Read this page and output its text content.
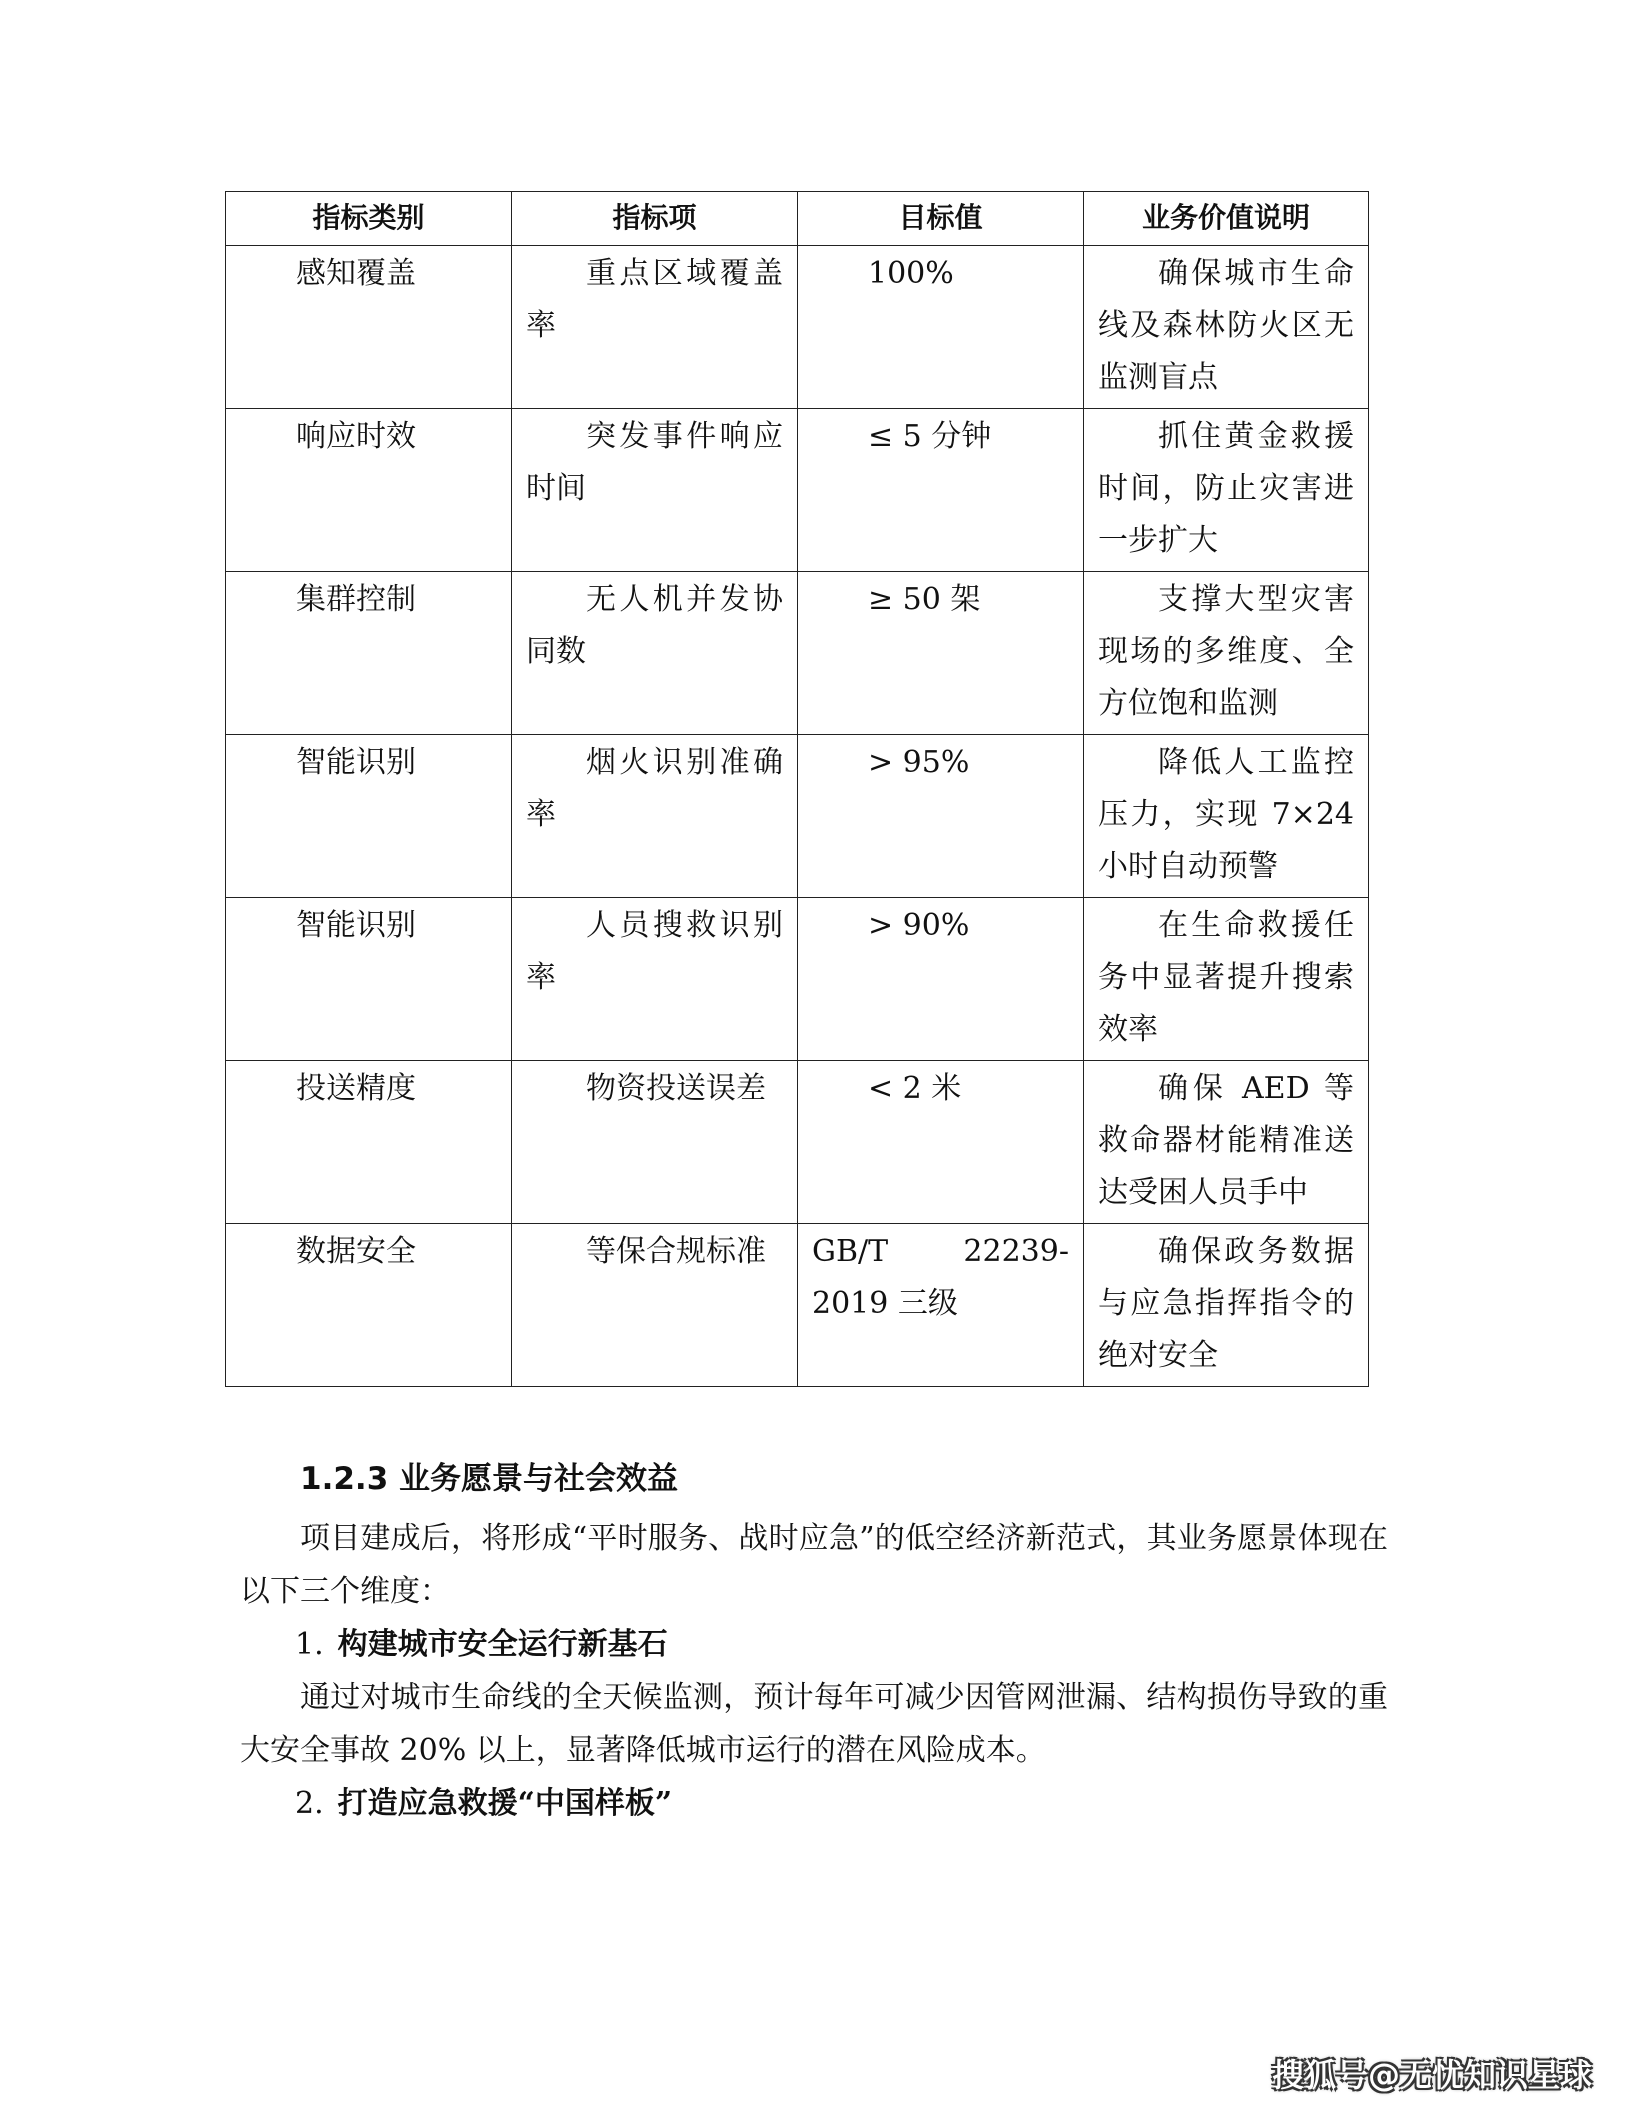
指标类别	指标项	目标值	业务价值说明
感知覆盖	重点区域覆盖率	100%	确保城市生命线及森林防火区无监测盲点

响应时效	突发事件响应时间	≤ 5 分钟	抓住黄金救援时间，防止灾害进一步扩大

集群控制	无人机并发协同数	≥ 50 架	支撑大型灾害现场的多维度、全方位饱和监测

智能识别	烟火识别准确率	> 95%	降低人工监控压力，实现 7×24 小时自动预警

智能识别	人员搜救识别率	> 90%	在生命救援任务中显著提升搜索效率

投送精度	物资投送误差	< 2 米	确保 AED 等救命器材能精准送达受困人员手中

数据安全	等保合规标准	GB/T 22239-2019 三级	确保政务数据与应急指挥指令的绝对安全
1.2.3 业务愿景与社会效益

项目建成后，将形成“平时服务、战时应急”的低空经济新范式，其业务愿景体现在以下三个维度：

1. 构建城市安全运行新基石

通过对城市生命线的全天候监测，预计每年可减少因管网泄漏、结构损伤导致的重大安全事故 20% 以上，显著降低城市运行的潜在风险成本。

2. 打造应急救援“中国样板”

搜狐号@无忧知识星球
